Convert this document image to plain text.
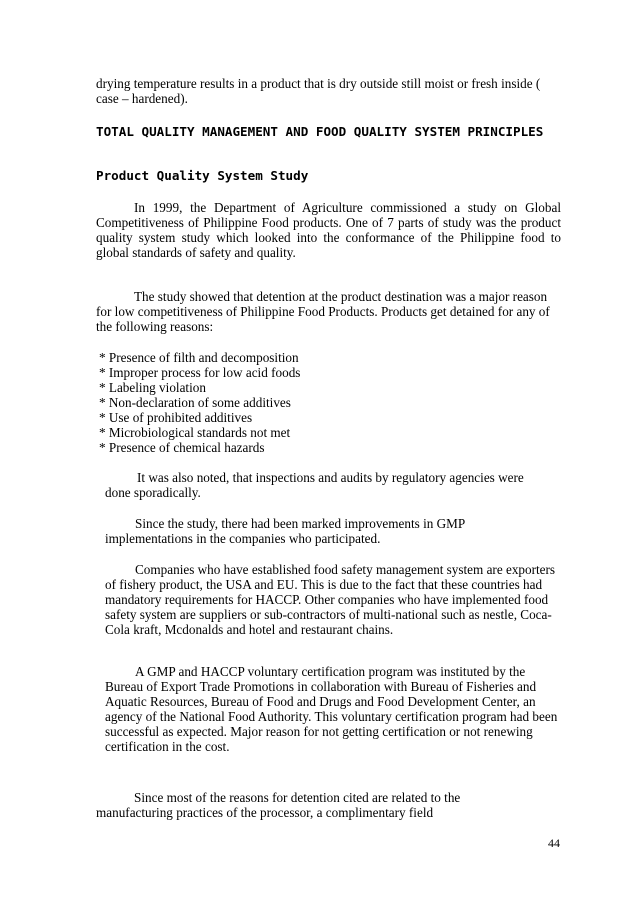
drying temperature results in a product that is dry outside still moist or fresh inside ( case – hardened).

TOTAL QUALITY MANAGEMENT AND FOOD QUALITY SYSTEM PRINCIPLES

Product Quality System Study

In 1999, the Department of Agriculture commissioned a study on Global Competitiveness of Philippine Food products. One of 7 parts of study was the product quality system study which looked into the conformance of the Philippine food to global standards of safety and quality.

The study showed that detention at the product destination was a major reason for low competitiveness of Philippine Food Products. Products get detained for any of the following reasons:

* Presence of filth and decomposition
* Improper process for low acid foods
* Labeling violation
* Non-declaration of some additives
* Use of prohibited additives
* Microbiological standards not met
* Presence of chemical hazards

It was also noted, that inspections and audits by regulatory agencies were done sporadically.

Since the study, there had been marked improvements in GMP implementations in the companies who participated.

Companies who have established food safety management system are exporters of fishery product, the USA and EU. This is due to the fact that these countries had mandatory requirements for HACCP. Other companies who have implemented food safety system are suppliers or sub-contractors of multi-national such as nestle, Coca-Cola kraft, Mcdonalds and hotel and restaurant chains.

A GMP and HACCP voluntary certification program was instituted by the Bureau of Export Trade Promotions in collaboration with Bureau of Fisheries and Aquatic Resources, Bureau of Food and Drugs and Food Development Center, an agency of the National Food Authority. This voluntary certification program had been successful as expected. Major reason for not getting certification or not renewing certification in the cost.

Since most of the reasons for detention cited are related to the manufacturing practices of the processor, a complimentary field

44
